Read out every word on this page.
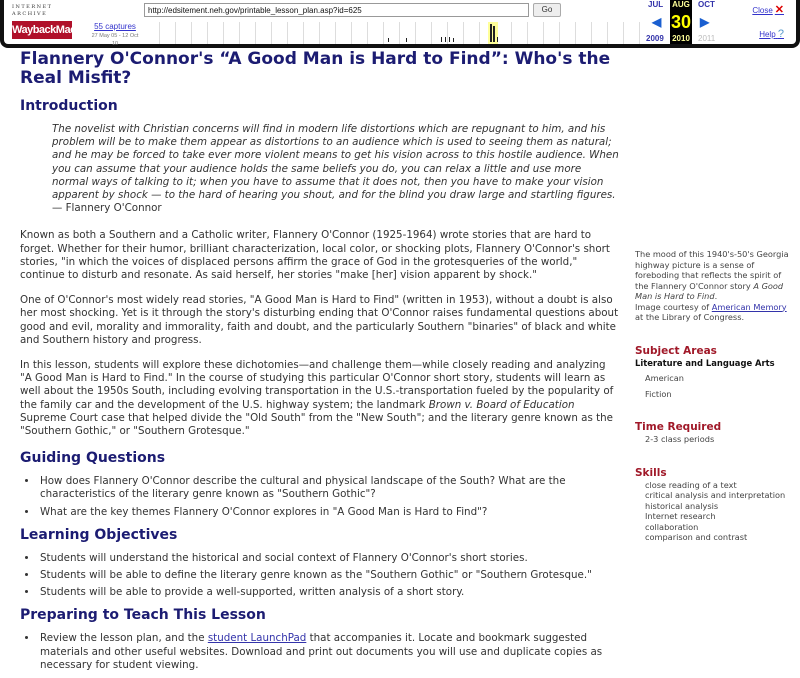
INTERNET ARCHIVE
WaybackMachine
55 captures
27 May 05 - 12 Oct 10
http://edsitement.neh.gov/printable_lesson_plan.asp?id=625	Go
JUL
◀
2009
AUG
30
2010
OCT
▶
2011
Close ✕
Help ?
Flannery O'Connor's “A Good Man is Hard to Find”: Who's the Real Misfit?
Introduction
The novelist with Christian concerns will find in modern life distortions which are repugnant to him, and his problem will be to make them appear as distortions to an audience which is used to seeing them as natural; and he may be forced to take ever more violent means to get his vision across to this hostile audience. When you can assume that your audience holds the same beliefs you do, you can relax a little and use more normal ways of talking to it; when you have to assume that it does not, then you have to make your vision apparent by shock — to the hard of hearing you shout, and for the blind you draw large and startling figures.
— Flannery O'Connor

Known as both a Southern and a Catholic writer, Flannery O'Connor (1925-1964) wrote stories that are hard to forget. Whether for their humor, brilliant characterization, local color, or shocking plots, Flannery O'Connor's short stories, "in which the voices of displaced persons affirm the grace of God in the grotesqueries of the world," continue to disturb and resonate. As said herself, her stories "make [her] vision apparent by shock."

One of O'Connor's most widely read stories, "A Good Man is Hard to Find" (written in 1953), without a doubt is also her most shocking. Yet is it through the story's disturbing ending that O'Connor raises fundamental questions about good and evil, morality and immorality, faith and doubt, and the particularly Southern "binaries" of black and white and Southern history and progress.

In this lesson, students will explore these dichotomies—and challenge them—while closely reading and analyzing "A Good Man is Hard to Find." In the course of studying this particular O'Connor short story, students will learn as well about the 1950s South, including evolving transportation in the U.S.-transportation fueled by the popularity of the family car and the development of the U.S. highway system; the landmark Brown v. Board of Education Supreme Court case that helped divide the "Old South" from the "New South"; and the literary genre known as the "Southern Gothic," or "Southern Grotesque."

Guiding Questions
• How does Flannery O'Connor describe the cultural and physical landscape of the South? What are the characteristics of the literary genre known as "Southern Gothic"?
• What are the key themes Flannery O'Connor explores in "A Good Man is Hard to Find"?
Learning Objectives
• Students will understand the historical and social context of Flannery O'Connor's short stories.
• Students will be able to define the literary genre known as the "Southern Gothic" or "Southern Grotesque."
• Students will be able to provide a well-supported, written analysis of a short story.
Preparing to Teach This Lesson
• Review the lesson plan, and the student LaunchPad that accompanies it. Locate and bookmark suggested materials and other useful websites. Download and print out documents you will use and duplicate copies as necessary for student viewing.
The mood of this 1940's-50's Georgia highway picture is a sense of foreboding that reflects the spirit of the Flannery O'Connor story A Good Man is Hard to Find.
Image courtesy of American Memory at the Library of Congress.
Subject Areas
Literature and Language Arts
American
Fiction
Time Required
2-3 class periods
Skills
close reading of a text
critical analysis and interpretation
historical analysis
Internet research
collaboration
comparison and contrast
